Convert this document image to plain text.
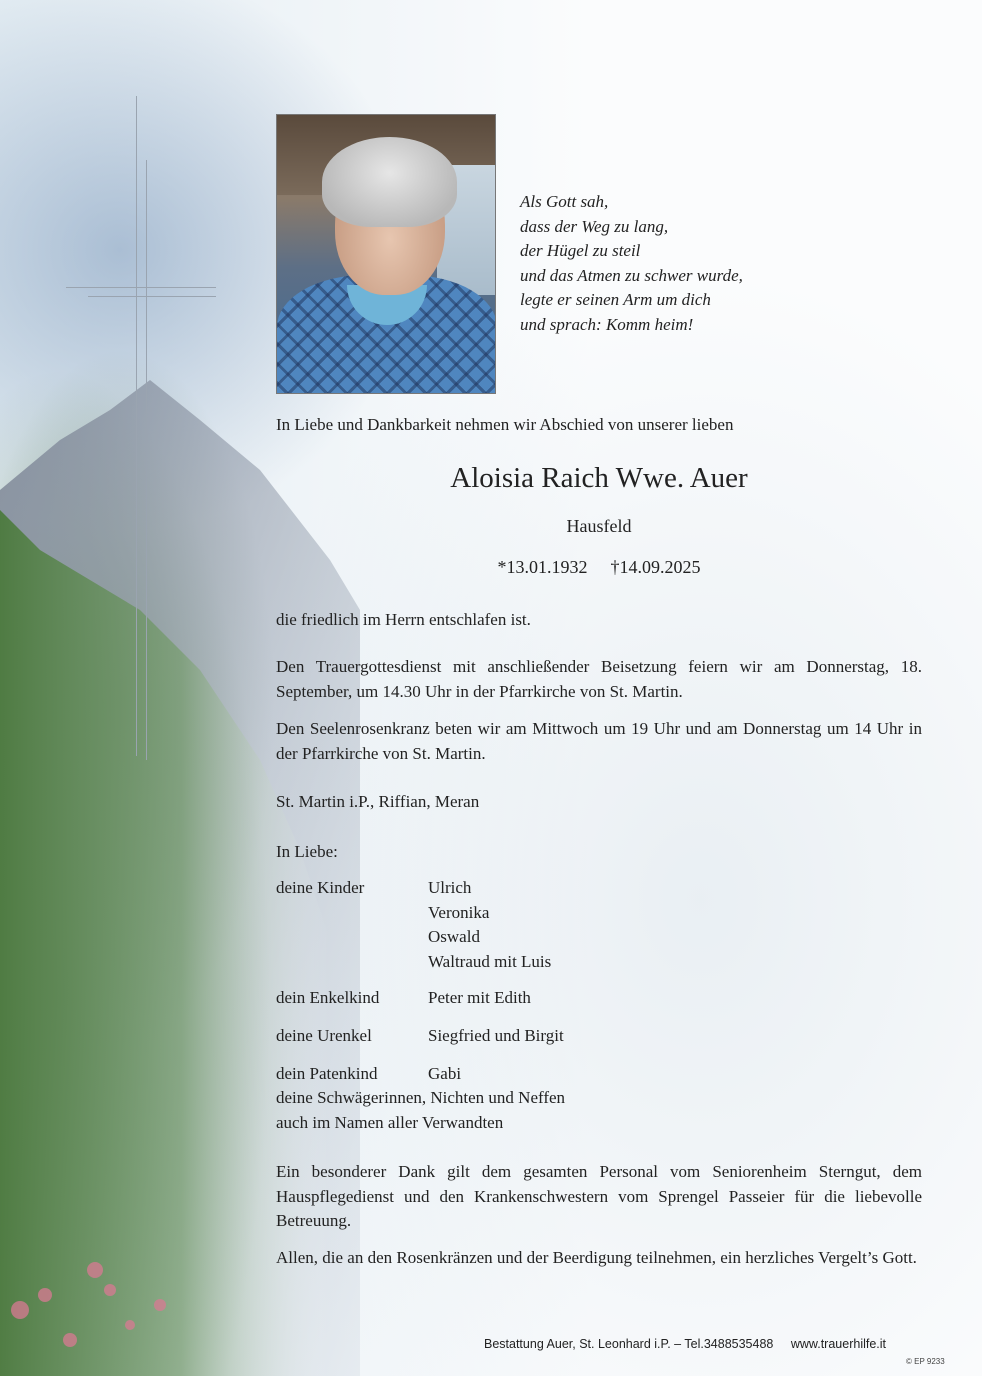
Als Gott sah,
dass der Weg zu lang,
der Hügel zu steil
und das Atmen zu schwer wurde,
legte er seinen Arm um dich
und sprach: Komm heim!
In Liebe und Dankbarkeit nehmen wir Abschied von unserer lieben
Aloisia Raich Wwe. Auer
Hausfeld
*13.01.1932 †14.09.2025
die friedlich im Herrn entschlafen ist.
Den Trauergottesdienst mit anschließender Beisetzung feiern wir am Donnerstag, 18. September, um 14.30 Uhr in der Pfarrkirche von St. Martin.
Den Seelenrosenkranz beten wir am Mittwoch um 19 Uhr und am Donnerstag um 14 Uhr in der Pfarrkirche von St. Martin.
St. Martin i.P., Riffian, Meran
In Liebe:
deine Kinder	Ulrich
Veronika
Oswald
Waltraud mit Luis
dein Enkelkind	Peter mit Edith
deine Urenkel	Siegfried und Birgit
dein Patenkind	Gabi
deine Schwägerinnen, Nichten und Neffen
auch im Namen aller Verwandten
Ein besonderer Dank gilt dem gesamten Personal vom Seniorenheim Sterngut, dem Hauspflegedienst und den Krankenschwestern vom Sprengel Passeier für die liebevolle Betreuung.
Allen, die an den Rosenkränzen und der Beerdigung teilnehmen, ein herzliches Vergelt’s Gott.
Bestattung Auer, St. Leonhard i.P. – Tel.3488535488 www.trauerhilfe.it
© EP 9233
